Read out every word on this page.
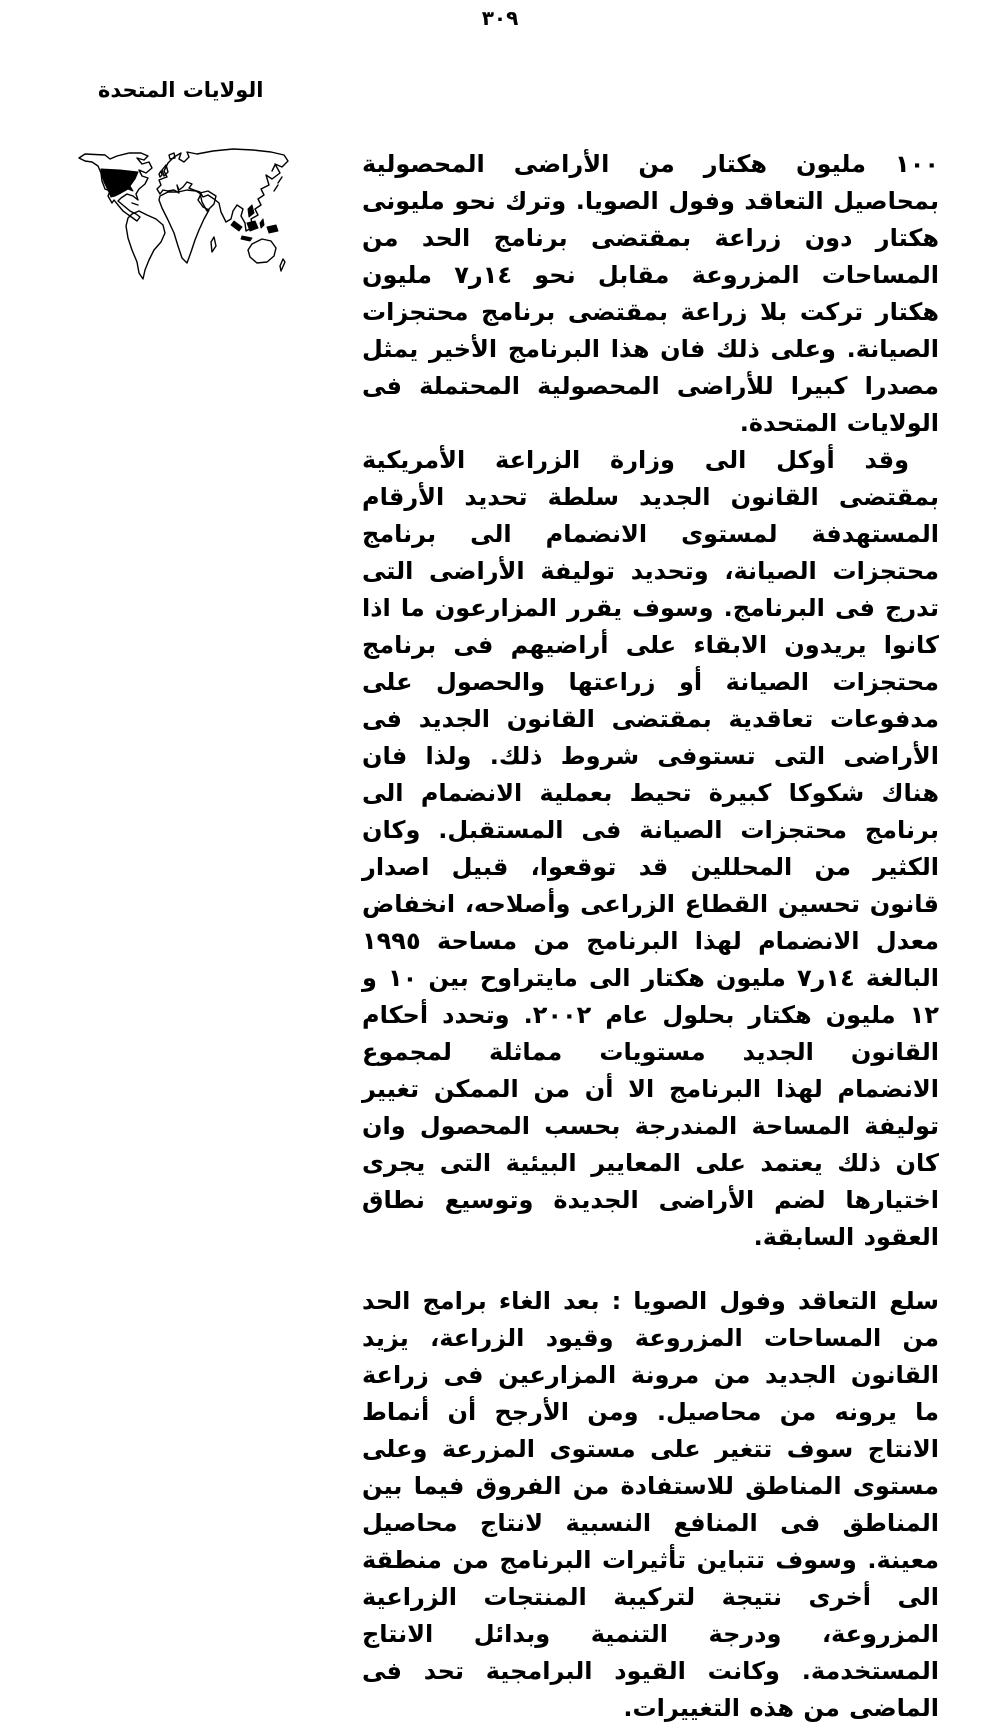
٣٠٩
الولايات المتحدة

١٠٠ مليون هكتار من الأراضى المحصولية بمحاصيل التعاقد وفول الصويا. وترك نحو مليونى هكتار دون زراعة بمقتضى برنامج الحد من المساحات المزروعة مقابل نحو ١٤ر٧ مليون هكتار تركت بلا زراعة بمقتضى برنامج محتجزات الصيانة. وعلى ذلك فان هذا البرنامج الأخير يمثل مصدرا كبيرا للأراضى المحصولية المحتملة فى الولايات المتحدة.

وقد أوكل الى وزارة الزراعة الأمريكية بمقتضى القانون الجديد سلطة تحديد الأرقام المستهدفة لمستوى الانضمام الى برنامج محتجزات الصيانة، وتحديد توليفة الأراضى التى تدرج فى البرنامج. وسوف يقرر المزارعون ما اذا كانوا يريدون الابقاء على أراضيهم فى برنامج محتجزات الصيانة أو زراعتها والحصول على مدفوعات تعاقدية بمقتضى القانون الجديد فى الأراضى التى تستوفى شروط ذلك. ولذا فان هناك شكوكا كبيرة تحيط بعملية الانضمام الى برنامج محتجزات الصيانة فى المستقبل. وكان الكثير من المحللين قد توقعوا، قبيل اصدار قانون تحسين القطاع الزراعى وأصلاحه، انخفاض معدل الانضمام لهذا البرنامج من مساحة ١٩٩٥ البالغة ١٤ر٧ مليون هكتار الى مايتراوح بين ١٠ و ١٢ مليون هكتار بحلول عام ٢٠٠٢. وتحدد أحكام القانون الجديد مستويات مماثلة لمجموع الانضمام لهذا البرنامج الا أن من الممكن تغيير توليفة المساحة المندرجة بحسب المحصول وان كان ذلك يعتمد على المعايير البيئية التى يجرى اختيارها لضم الأراضى الجديدة وتوسيع نطاق العقود السابقة.

سلع التعاقد وفول الصويا : بعد الغاء برامج الحد من المساحات المزروعة وقيود الزراعة، يزيد القانون الجديد من مرونة المزارعين فى زراعة ما يرونه من محاصيل. ومن الأرجح أن أنماط الانتاج سوف تتغير على مستوى المزرعة وعلى مستوى المناطق للاستفادة من الفروق فيما بين المناطق فى المنافع النسبية لانتاج محاصيل معينة. وسوف تتباين تأثيرات البرنامج من منطقة الى أخرى نتيجة لتركيبة المنتجات الزراعية المزروعة، ودرجة التنمية وبدائل الانتاج المستخدمة. وكانت القيود البرامجية تحد فى الماضى من هذه التغييرات.
